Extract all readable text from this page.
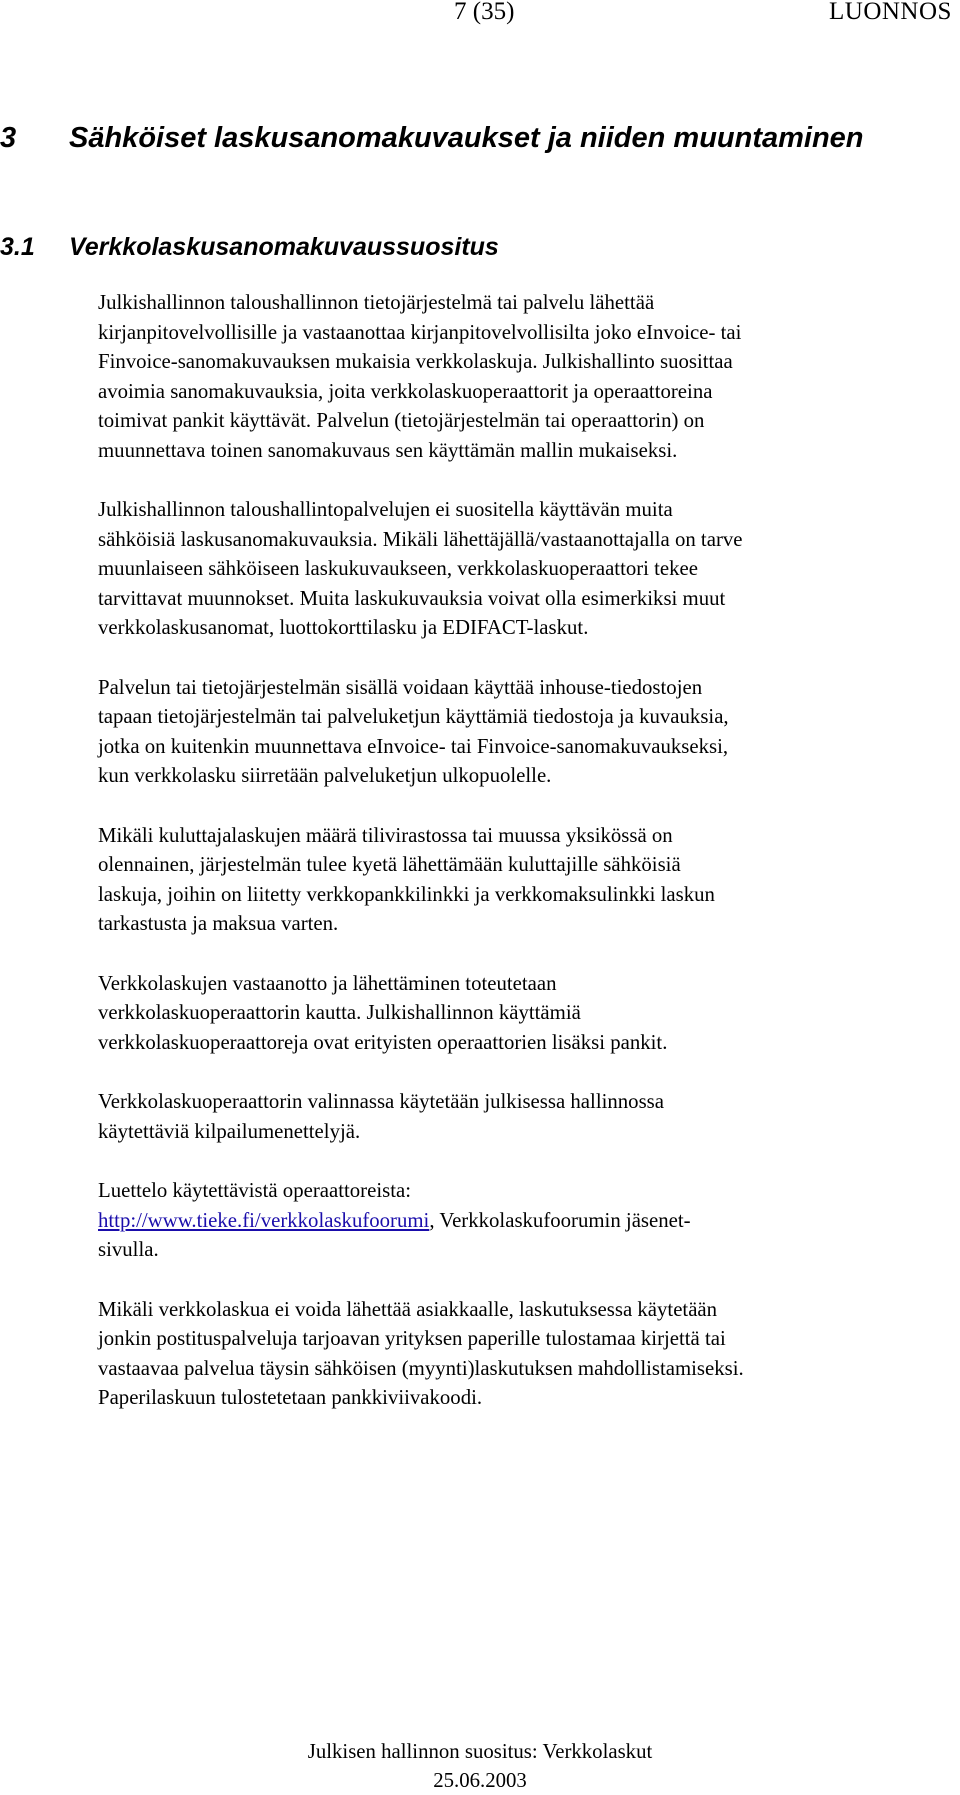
7 (35)	LUONNOS
3 Sähköiset laskusanomakuvaukset ja niiden muuntaminen
3.1 Verkkolaskusanomakuvaussuositus

Julkishallinnon taloushallinnon tietojärjestelmä tai palvelu lähettää
kirjanpitovelvollisille ja vastaanottaa kirjanpitovelvollisilta joko eInvoice- tai
Finvoice-sanomakuvauksen mukaisia verkkolaskuja. Julkishallinto suosittaa
avoimia sanomakuvauksia, joita verkkolaskuoperaattorit ja operaattoreina
toimivat pankit käyttävät. Palvelun (tietojärjestelmän tai operaattorin) on
muunnettava toinen sanomakuvaus sen käyttämän mallin mukaiseksi.

Julkishallinnon taloushallintopalvelujen ei suositella käyttävän muita
sähköisiä laskusanomakuvauksia. Mikäli lähettäjällä/vastaanottajalla on tarve
muunlaiseen sähköiseen laskukuvaukseen, verkkolaskuoperaattori tekee
tarvittavat muunnokset. Muita laskukuvauksia voivat olla esimerkiksi muut
verkkolaskusanomat, luottokorttilasku ja EDIFACT-laskut.

Palvelun tai tietojärjestelmän sisällä voidaan käyttää inhouse-tiedostojen
tapaan tietojärjestelmän tai palveluketjun käyttämiä tiedostoja ja kuvauksia,
jotka on kuitenkin muunnettava eInvoice- tai Finvoice-sanomakuvaukseksi,
kun verkkolasku siirretään palveluketjun ulkopuolelle.

Mikäli kuluttajalaskujen määrä tilivirastossa tai muussa yksikössä on
olennainen, järjestelmän tulee kyetä lähettämään kuluttajille sähköisiä
laskuja, joihin on liitetty verkkopankkilinkki ja verkkomaksulinkki laskun
tarkastusta ja maksua varten.

Verkkolaskujen vastaanotto ja lähettäminen toteutetaan
verkkolaskuoperaattorin kautta. Julkishallinnon käyttämiä
verkkolaskuoperaattoreja ovat erityisten operaattorien lisäksi pankit.

Verkkolaskuoperaattorin valinnassa käytetään julkisessa hallinnossa
käytettäviä kilpailumenettelyjä.

Luettelo käytettävistä operaattoreista:
http://www.tieke.fi/verkkolaskufoorumi, Verkkolaskufoorumin jäsenet-
sivulla.

Mikäli verkkolaskua ei voida lähettää asiakkaalle, laskutuksessa käytetään
jonkin postituspalveluja tarjoavan yrityksen paperille tulostamaa kirjettä tai
vastaavaa palvelua täysin sähköisen (myynti)laskutuksen mahdollistamiseksi.
Paperilaskuun tulostetetaan pankkiviivakoodi.

Julkisen hallinnon suositus: Verkkolaskut
25.06.2003
